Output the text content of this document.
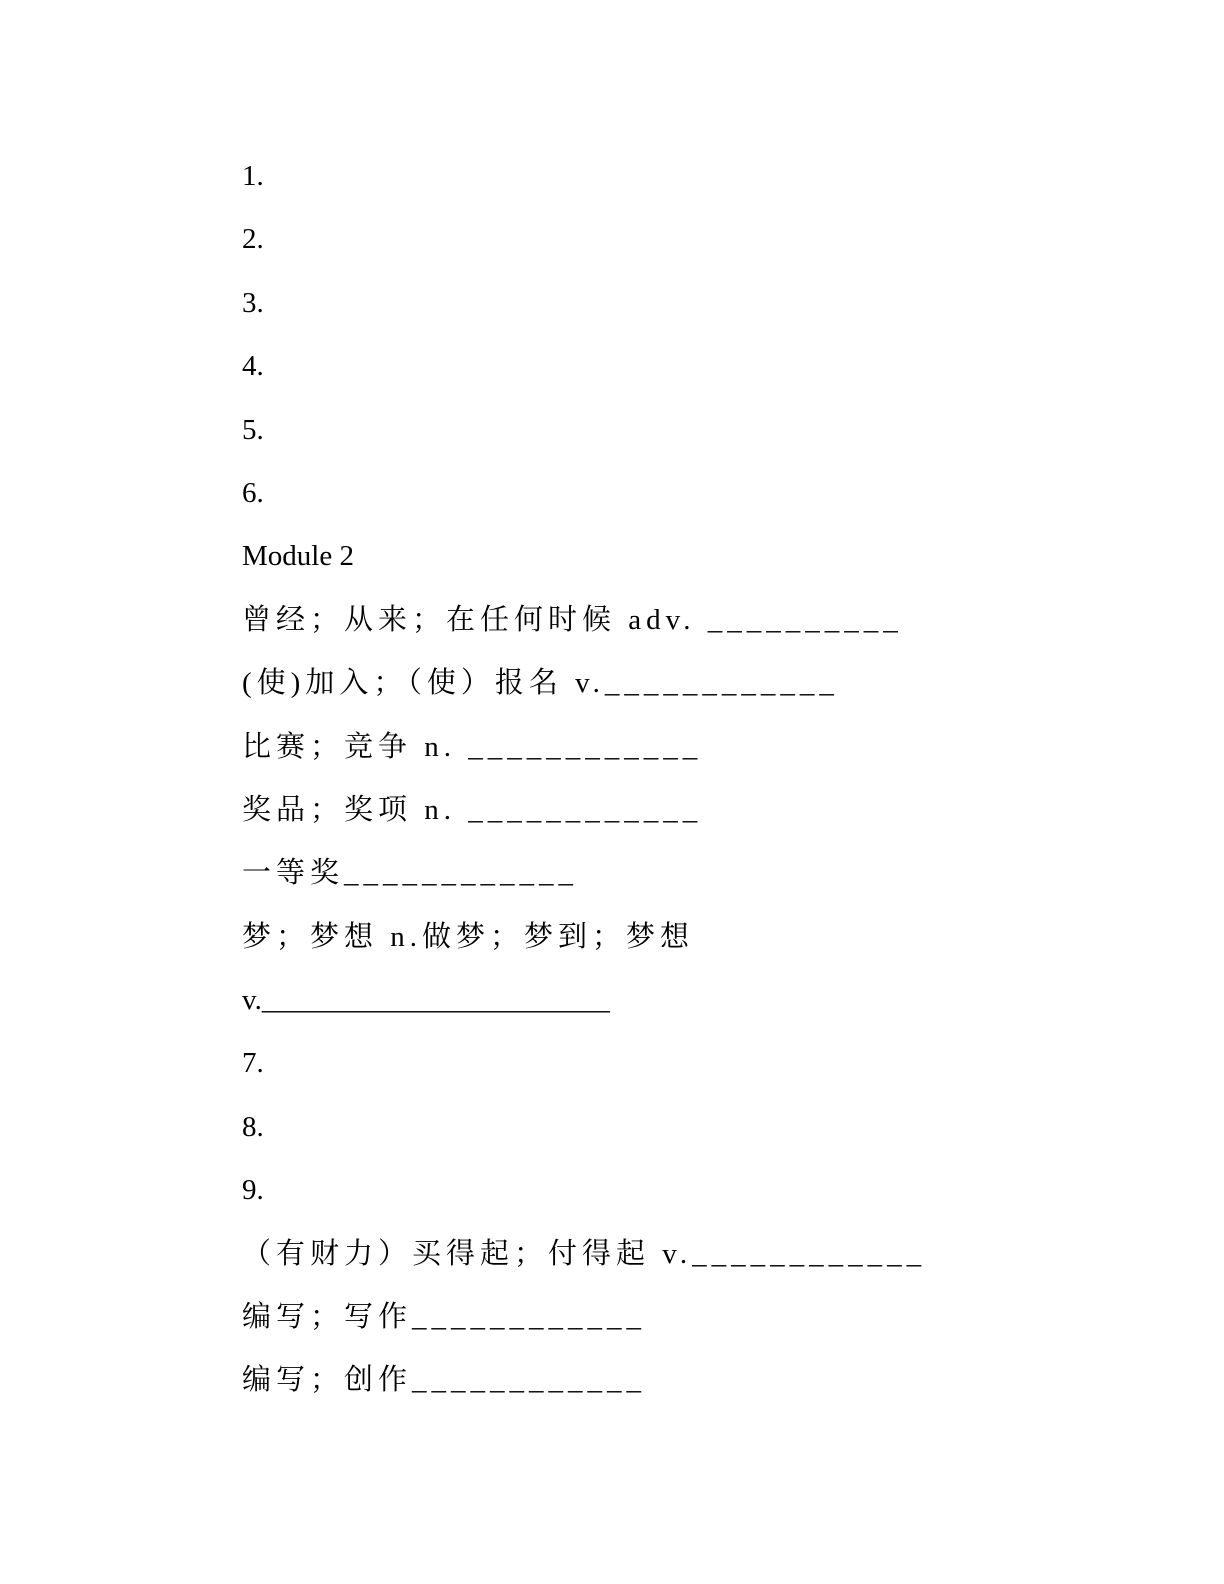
1.
2.
3.
4.
5.
6.
Module 2
曾经；从来；在任何时候 adv. __________
(使)加入；（使）报名 v.____________
比赛；竞争 n. ____________
奖品；奖项 n. ____________
一等奖____________
梦；梦想 n.做梦；梦到；梦想
v.________________________
7.
8.
9.
（有财力）买得起；付得起 v.____________
编写；写作____________
编写；创作____________
